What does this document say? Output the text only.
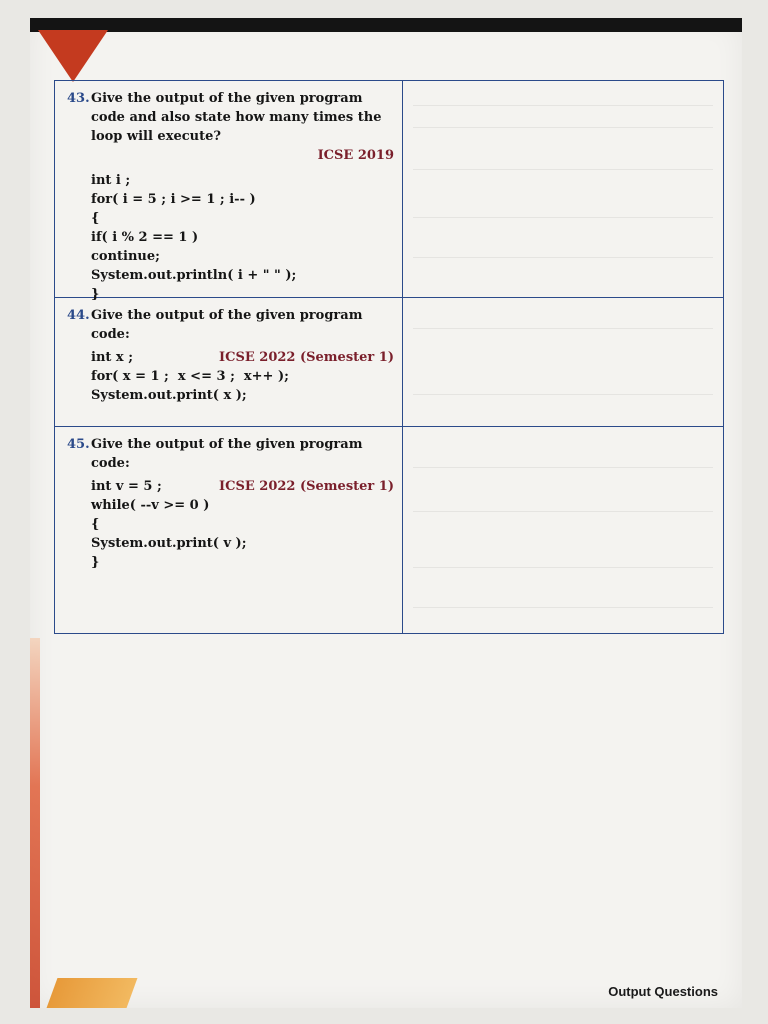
Output Questions
43. Give the output of the given program code and also state how many times the loop will execute?
ICSE 2019
int i ;
for( i = 5 ; i >= 1 ; i-- )
{
if( i % 2 == 1 )
continue;
System.out.println( i + " " );
}
44. Give the output of the given program code:
int x ;	ICSE 2022 (Semester 1)
for( x = 1 ;  x <= 3 ;  x++ );
System.out.print( x );
45. Give the output of the given program code:
int v = 5 ;	ICSE 2022 (Semester 1)
while( --v >= 0 )
{
System.out.print( v );
}
